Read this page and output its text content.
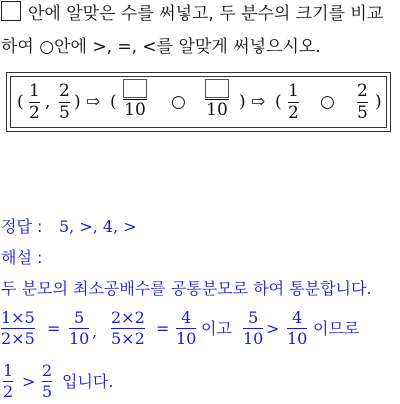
안에 알맞은 수를 써넣고, 두 분수의 크기를 비교
하여 ○안에 >, =, <를 알맞게 써넣으시오.
(
1
2
,
2
5
) ⇨ ( 10 ○ 10 ) ⇨ (
1
2
○
2
5
)
정답 : 5, >, 4, >
해설 :
두 분모의 최소공배수를 공통분모로 하여 통분합니다.
1×5
2×5
=
5
10 ,
2×2
5×2
=
4
10
이고
5
10
>
4
10
이므로
1
2
>
2
5
입니다.
